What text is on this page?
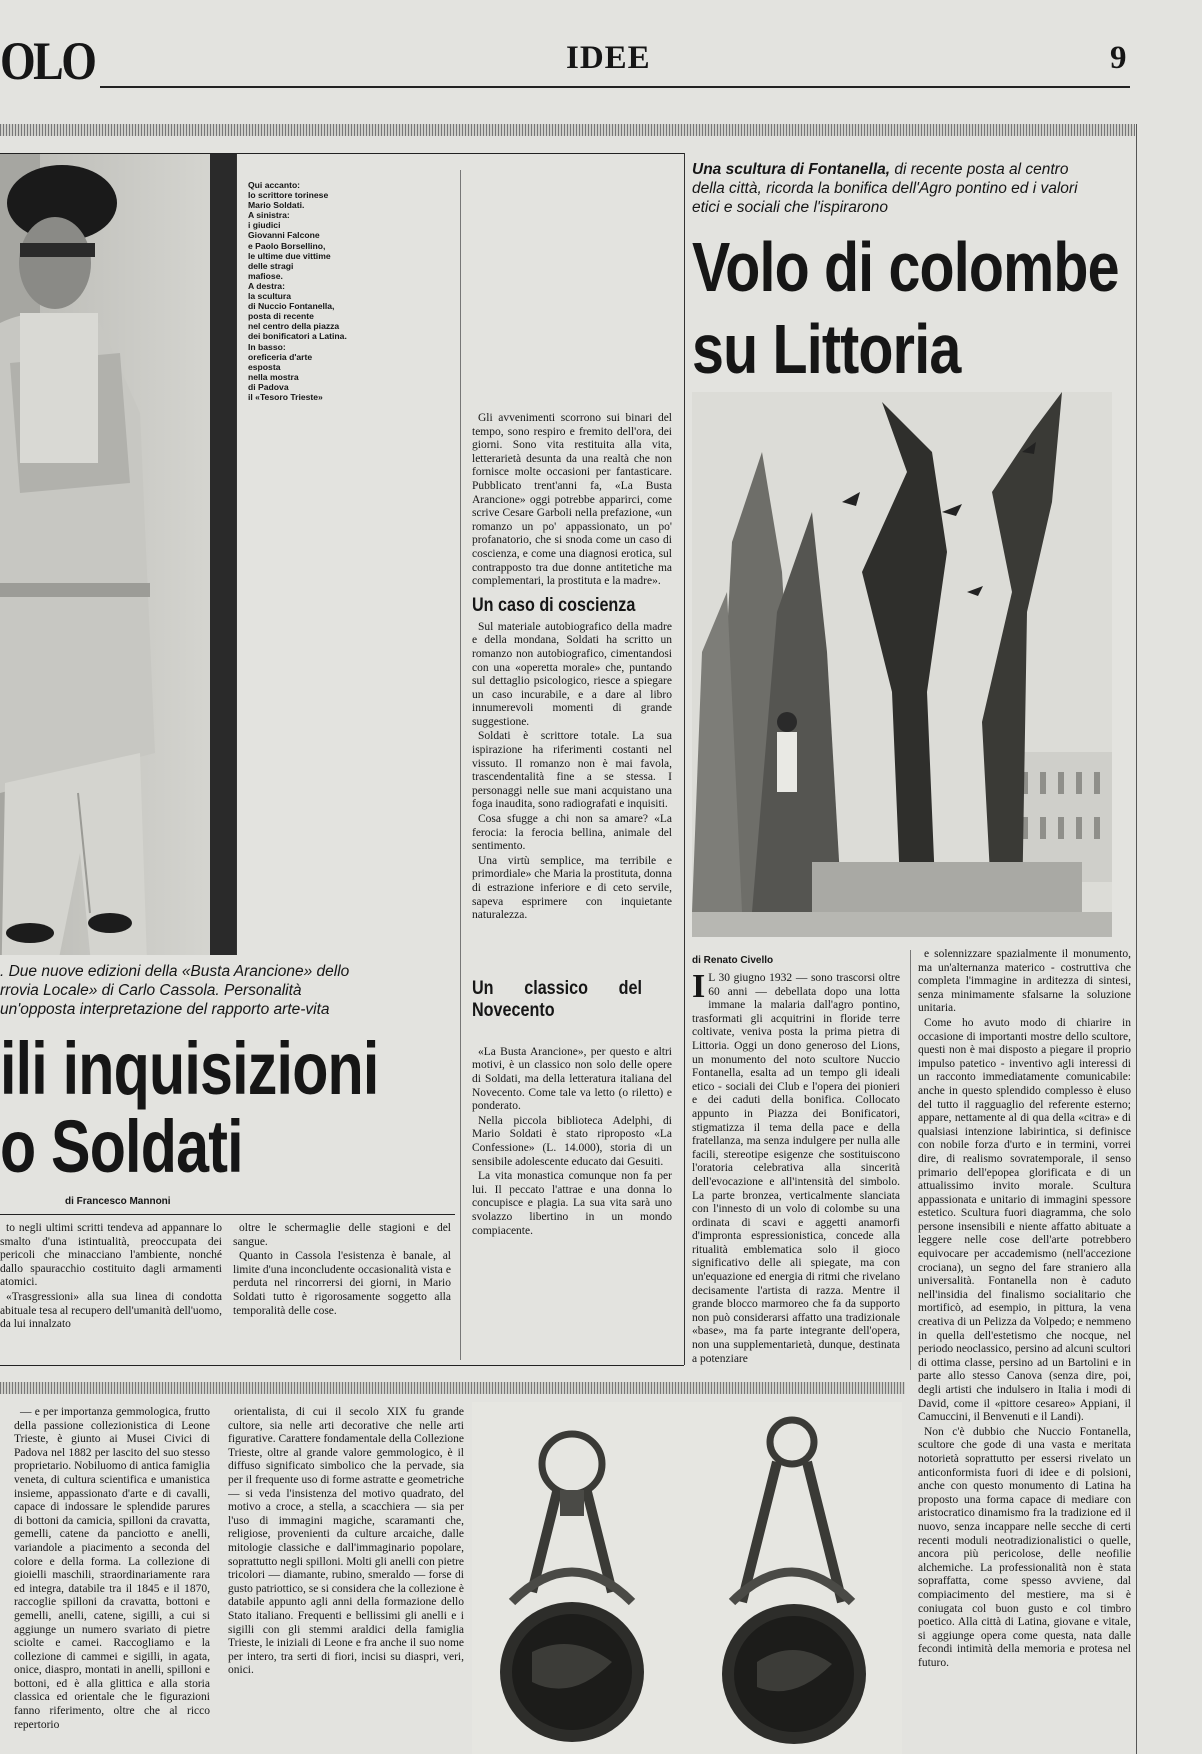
OLO	IDEE	9
Qui accanto:
lo scrittore torinese
Mario Soldati.
A sinistra:
i giudici
Giovanni Falcone
e Paolo Borsellino,
le ultime due vittime
delle stragi
mafiose.
A destra:
la scultura
di Nuccio Fontanella,
posta di recente
nel centro della piazza
dei bonificatori a Latina.
In basso:
oreficeria d'arte
esposta
nella mostra
di Padova
il «Tesoro Trieste»
. Due nuove edizioni della «Busta Arancione» dello
rrovia Locale» di Carlo Cassola. Personalità
un'opposta interpretazione del rapporto arte-vita
ili inquisizioni
o Soldati
di Francesco Mannoni

to negli ultimi scritti tendeva ad appannare lo smalto d'una istintualità, preoccupata dei pericoli che minacciano l'ambiente, nonché dallo spauracchio costituito dagli armamenti atomici.

«Trasgressioni» alla sua linea di condotta abituale tesa al recupero dell'umanità dell'uomo, da lui innalzato

oltre le schermaglie delle stagioni e del sangue.

Quanto in Cassola l'esistenza è banale, al limite d'una inconcludente occasionalità vista e perduta nel rincorrersi dei giorni, in Mario Soldati tutto è rigorosamente soggetto alla temporalità delle cose.

Gli avvenimenti scorrono sui binari del tempo, sono respiro e fremito dell'ora, dei giorni. Sono vita restituita alla vita, letterarietà desunta da una realtà che non fornisce molte occasioni per fantasticare. Pubblicato trent'anni fa, «La Busta Arancione» oggi potrebbe apparirci, come scrive Cesare Garboli nella prefazione, «un romanzo un po' appassionato, un po' profanatorio, che si snoda come un caso di coscienza, e come una diagnosi erotica, sul contrapposto tra due donne antitetiche ma complementari, la prostituta e la madre».

Un caso di coscienza

Sul materiale autobiografico della madre e della mondana, Soldati ha scritto un romanzo non autobiografico, cimentandosi con una «operetta morale» che, puntando sul dettaglio psicologico, riesce a spiegare un caso incurabile, e a dare al libro innumerevoli momenti di grande suggestione.

Soldati è scrittore totale. La sua ispirazione ha riferimenti costanti nel vissuto. Il romanzo non è mai favola, trascendentalità fine a se stessa. I personaggi nelle sue mani acquistano una foga inaudita, sono radiografati e inquisiti.

Cosa sfugge a chi non sa amare? «La ferocia: la ferocia bellina, animale del sentimento.

Una virtù semplice, ma terribile e primordiale» che Maria la prostituta, donna di estrazione inferiore e di ceto servile, sapeva esprimere con inquietante naturalezza.

Un classico del Novecento

«La Busta Arancione», per questo e altri motivi, è un classico non solo delle opere di Soldati, ma della letteratura italiana del Novecento. Come tale va letto (o riletto) e ponderato.

Nella piccola biblioteca Adelphi, di Mario Soldati è stato riproposto «La Confessione» (L. 14.000), storia di un sensibile adolescente educato dai Gesuiti.

La vita monastica comunque non fa per lui. Il peccato l'attrae e una donna lo concupisce e plagia. La sua vita sarà uno svolazzo libertino in un mondo compiacente.

Una scultura di Fontanella, di recente posta al centro della città, ricorda la bonifica dell'Agro pontino ed i valori etici e sociali che l'ispirarono
Volo di colombe
su Littoria
di Renato Civello

I L 30 giugno 1932 — sono trascorsi oltre 60 anni — debellata dopo una lotta immane la malaria dall'agro pontino, trasformati gli acquitrini in floride terre coltivate, veniva posta la prima pietra di Littoria. Oggi un dono generoso del Lions, un monumento del noto scultore Nuccio Fontanella, esalta ad un tempo gli ideali etico - sociali dei Club e l'opera dei pionieri e dei caduti della bonifica. Collocato appunto in Piazza dei Bonificatori, stigmatizza il tema della pace e della fratellanza, ma senza indulgere per nulla alle facili, stereotipe esigenze che sostituiscono l'oratoria celebrativa alla sincerità dell'evocazione e all'intensità del simbolo. La parte bronzea, verticalmente slanciata con l'innesto di un volo di colombe su una ordinata di scavi e aggetti anamorfi d'impronta espressionistica, concede alla ritualità emblematica solo il gioco significativo delle ali spiegate, ma con un'equazione ed energia di ritmi che rivelano decisamente l'artista di razza. Mentre il grande blocco marmoreo che fa da supporto non può considerarsi affatto una tradizionale «base», ma fa parte integrante dell'opera, non una supplementarietà, dunque, destinata a potenziare

e solennizzare spazialmente il monumento, ma un'alternanza materico - costruttiva che completa l'immagine in arditezza di sintesi, senza minimamente sfalsarne la soluzione unitaria.

Come ho avuto modo di chiarire in occasione di importanti mostre dello scultore, questi non è mai disposto a piegare il proprio impulso patetico - inventivo agli interessi di un racconto immediatamente comunicabile: anche in questo splendido complesso è eluso del tutto il ragguaglio del referente esterno; appare, nettamente al di qua della «citra» e di qualsiasi intenzione labirintica, si definisce con nobile forza d'urto e in termini, vorrei dire, di realismo sovratemporale, il senso primario dell'epopea glorificata e di un attualissimo invito morale. Scultura appassionata e unitario di immagini spessore estetico. Scultura fuori diagramma, che solo persone insensibili e niente affatto abituate a leggere nelle cose dell'arte potrebbero equivocare per accademismo (nell'accezione crociana), un segno del fare straniero alla universalità. Fontanella non è caduto nell'insidia del finalismo socialitario che mortificò, ad esempio, in pittura, la vena creativa di un Pelizza da Volpedo; e nemmeno in quella dell'estetismo che nocque, nel periodo neoclassico, persino ad alcuni scultori di ottima classe, persino ad un Bartolini e in parte allo stesso Canova (senza dire, poi, degli artisti che indulsero in Italia i modi di David, come il «pittore cesareo» Appiani, il Camuccini, il Benvenuti e il Landi).

Non c'è dubbio che Nuccio Fontanella, scultore che gode di una vasta e meritata notorietà soprattutto per essersi rivelato un anticonformista fuori di idee e di polsioni, anche con questo monumento di Latina ha proposto una forma capace di mediare con aristocratico dinamismo fra la tradizione ed il nuovo, senza incappare nelle secche di certi recenti moduli neotradizionalistici o quelle, ancora più pericolose, delle neofilie alchemiche. La professionalità non è stata sopraffatta, come spesso avviene, dal compiacimento del mestiere, ma si è coniugata col buon gusto e col timbro poetico. Alla città di Latina, giovane e vitale, si aggiunge opera come questa, nata dalle fecondi intimità della memoria e protesa nel futuro.

— e per importanza gemmologica, frutto della passione collezionistica di Leone Trieste, è giunto ai Musei Civici di Padova nel 1882 per lascito del suo stesso proprietario. Nobiluomo di antica famiglia veneta, di cultura scientifica e umanistica insieme, appassionato d'arte e di cavalli, capace di indossare le splendide parures di bottoni da camicia, spilloni da cravatta, gemelli, catene da panciotto e anelli, variandole a piacimento a seconda del colore e della forma. La collezione di gioielli maschili, straordinariamente rara ed integra, databile tra il 1845 e il 1870, raccoglie spilloni da cravatta, bottoni e gemelli, anelli, catene, sigilli, a cui si aggiunge un numero svariato di pietre sciolte e camei. Raccogliamo e la collezione di cammei e sigilli, in agata, onice, diaspro, montati in anelli, spilloni e bottoni, ed è alla glittica e alla storia classica ed orientale che le figurazioni fanno riferimento, oltre che al ricco repertorio

orientalista, di cui il secolo XIX fu grande cultore, sia nelle arti decorative che nelle arti figurative. Carattere fondamentale della Collezione Trieste, oltre al grande valore gemmologico, è il diffuso significato simbolico che la pervade, sia per il frequente uso di forme astratte e geometriche — si veda l'insistenza del motivo quadrato, del motivo a croce, a stella, a scacchiera — sia per l'uso di immagini magiche, scaramanti che, religiose, provenienti da culture arcaiche, dalle mitologie classiche e dall'immaginario popolare, soprattutto negli spilloni. Molti gli anelli con pietre tricolori — diamante, rubino, smeraldo — forse di gusto patriottico, se si considera che la collezione è databile appunto agli anni della formazione dello Stato italiano. Frequenti e bellissimi gli anelli e i sigilli con gli stemmi araldici della famiglia Trieste, le iniziali di Leone e fra anche il suo nome per intero, tra serti di fiori, incisi su diaspri, veri, onici.
